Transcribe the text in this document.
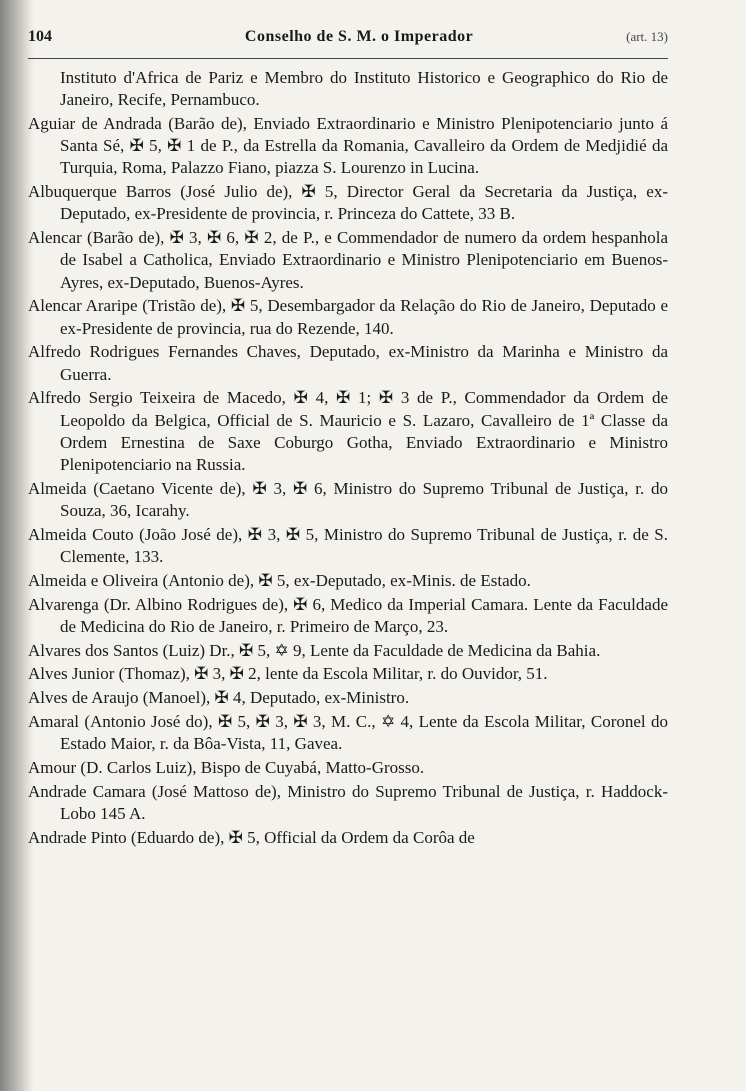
104	Conselho de S. M. o Imperador	(art. 13)

Instituto d'Africa de Pariz e Membro do Instituto Historico e Geographico do Rio de Janeiro, Recife, Pernambuco.

Aguiar de Andrada (Barão de), Enviado Extraordinario e Ministro Plenipotenciario junto á Santa Sé, ✠ 5, ✠ 1 de P., da Estrella da Romania, Cavalleiro da Ordem de Medjidié da Turquia, Roma, Palazzo Fiano, piazza S. Lourenzo in Lucina.

Albuquerque Barros (José Julio de), ✠ 5, Director Geral da Secretaria da Justiça, ex-Deputado, ex-Presidente de provincia, r. Princeza do Cattete, 33 B.

Alencar (Barão de), ✠ 3, ✠ 6, ✠ 2, de P., e Commendador de numero da ordem hespanhola de Isabel a Catholica, Enviado Extraordinario e Ministro Plenipotenciario em Buenos-Ayres, ex-Deputado, Buenos-Ayres.

Alencar Araripe (Tristão de), ✠ 5, Desembargador da Relação do Rio de Janeiro, Deputado e ex-Presidente de provincia, rua do Rezende, 140.

Alfredo Rodrigues Fernandes Chaves, Deputado, ex-Ministro da Marinha e Ministro da Guerra.

Alfredo Sergio Teixeira de Macedo, ✠ 4, ✠ 1; ✠ 3 de P., Commendador da Ordem de Leopoldo da Belgica, Official de S. Mauricio e S. Lazaro, Cavalleiro de 1ª Classe da Ordem Ernestina de Saxe Coburgo Gotha, Enviado Extraordinario e Ministro Plenipotenciario na Russia.

Almeida (Caetano Vicente de), ✠ 3, ✠ 6, Ministro do Supremo Tribunal de Justiça, r. do Souza, 36, Icarahy.

Almeida Couto (João José de), ✠ 3, ✠ 5, Ministro do Supremo Tribunal de Justiça, r. de S. Clemente, 133.

Almeida e Oliveira (Antonio de), ✠ 5, ex-Deputado, ex-Minis. de Estado.

Alvarenga (Dr. Albino Rodrigues de), ✠ 6, Medico da Imperial Camara. Lente da Faculdade de Medicina do Rio de Janeiro, r. Primeiro de Março, 23.

Alvares dos Santos (Luiz) Dr., ✠ 5, ✡ 9, Lente da Faculdade de Medicina da Bahia.

Alves Junior (Thomaz), ✠ 3, ✠ 2, lente da Escola Militar, r. do Ouvidor, 51.

Alves de Araujo (Manoel), ✠ 4, Deputado, ex-Ministro.

Amaral (Antonio José do), ✠ 5, ✠ 3, ✠ 3, M. C., ✡ 4, Lente da Escola Militar, Coronel do Estado Maior, r. da Bôa-Vista, 11, Gavea.

Amour (D. Carlos Luiz), Bispo de Cuyabá, Matto-Grosso.

Andrade Camara (José Mattoso de), Ministro do Supremo Tribunal de Justiça, r. Haddock-Lobo 145 A.

Andrade Pinto (Eduardo de), ✠ 5, Official da Ordem da Corôa de
